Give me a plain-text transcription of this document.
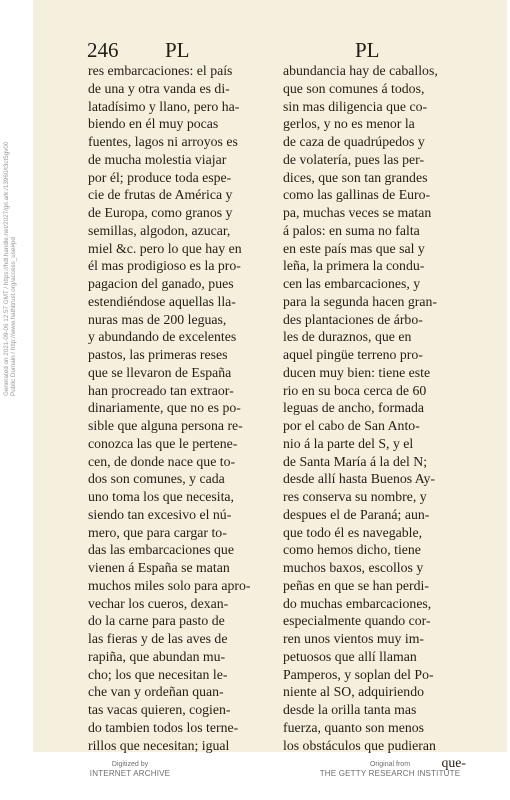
246 PL	PL
res embarcaciones: el país
de una y otra vanda es di-
latadísimo y llano, pero ha-
biendo en él muy pocas
fuentes, lagos ni arroyos es
de mucha molestia viajar
por él; produce toda espe-
cie de frutas de América y
de Europa, como granos y
semillas, algodon, azucar,
miel &c. pero lo que hay en
él mas prodigioso es la pro-
pagacion del ganado, pues
estendiéndose aquellas lla-
nuras mas de 200 leguas,
y abundando de excelentes
pastos, las primeras reses
que se llevaron de España
han procreado tan extraor-
dinariamente, que no es po-
sible que alguna persona re-
conozca las que le pertene-
cen, de donde nace que to-
dos son comunes, y cada
uno toma los que necesita,
siendo tan excesivo el nú-
mero, que para cargar to-
das las embarcaciones que
vienen á España se matan
muchos miles solo para apro-
vechar los cueros, dexan-
do la carne para pasto de
las fieras y de las aves de
rapiña, que abundan mu-
cho; los que necesitan le-
che van y ordeñan quan-
tas vacas quieren, cogien-
do tambien todos los terne-
rillos que necesitan; igual
abundancia hay de caballos,
que son comunes á todos,
sin mas diligencia que co-
gerlos, y no es menor la
de caza de quadrúpedos y
de volatería, pues las per-
dices, que son tan grandes
como las gallinas de Euro-
pa, muchas veces se matan
á palos: en suma no falta
en este país mas que sal y
leña, la primera la condu-
cen las embarcaciones, y
para la segunda hacen gran-
des plantaciones de árbo-
les de duraznos, que en
aquel pingüe terreno pro-
ducen muy bien: tiene este
rio en su boca cerca de 60
leguas de ancho, formada
por el cabo de San Anto-
nio á la parte del S, y el
de Santa María á la del N;
desde allí hasta Buenos Ay-
res conserva su nombre, y
despues el de Paraná; aun-
que todo él es navegable,
como hemos dicho, tiene
muchos baxos, escollos y
peñas en que se han perdi-
do muchas embarcaciones,
especialmente quando cor-
ren unos vientos muy im-
petuosos que allí llaman
Pamperos, y soplan del Po-
niente al SO, adquiriendo
desde la orilla tanta mas
fuerza, quanto son menos
los obstáculos que pudieran
que-
Generated on 2021-09-06 12:57 GMT / https://hdl.handle.net/2027/gri.ark:/13960/t3ct5gv00 Public Domain / http://www.hathitrust.org/access_use#pd
Digitized by
INTERNET ARCHIVE
Original from
THE GETTY RESEARCH INSTITUTE
